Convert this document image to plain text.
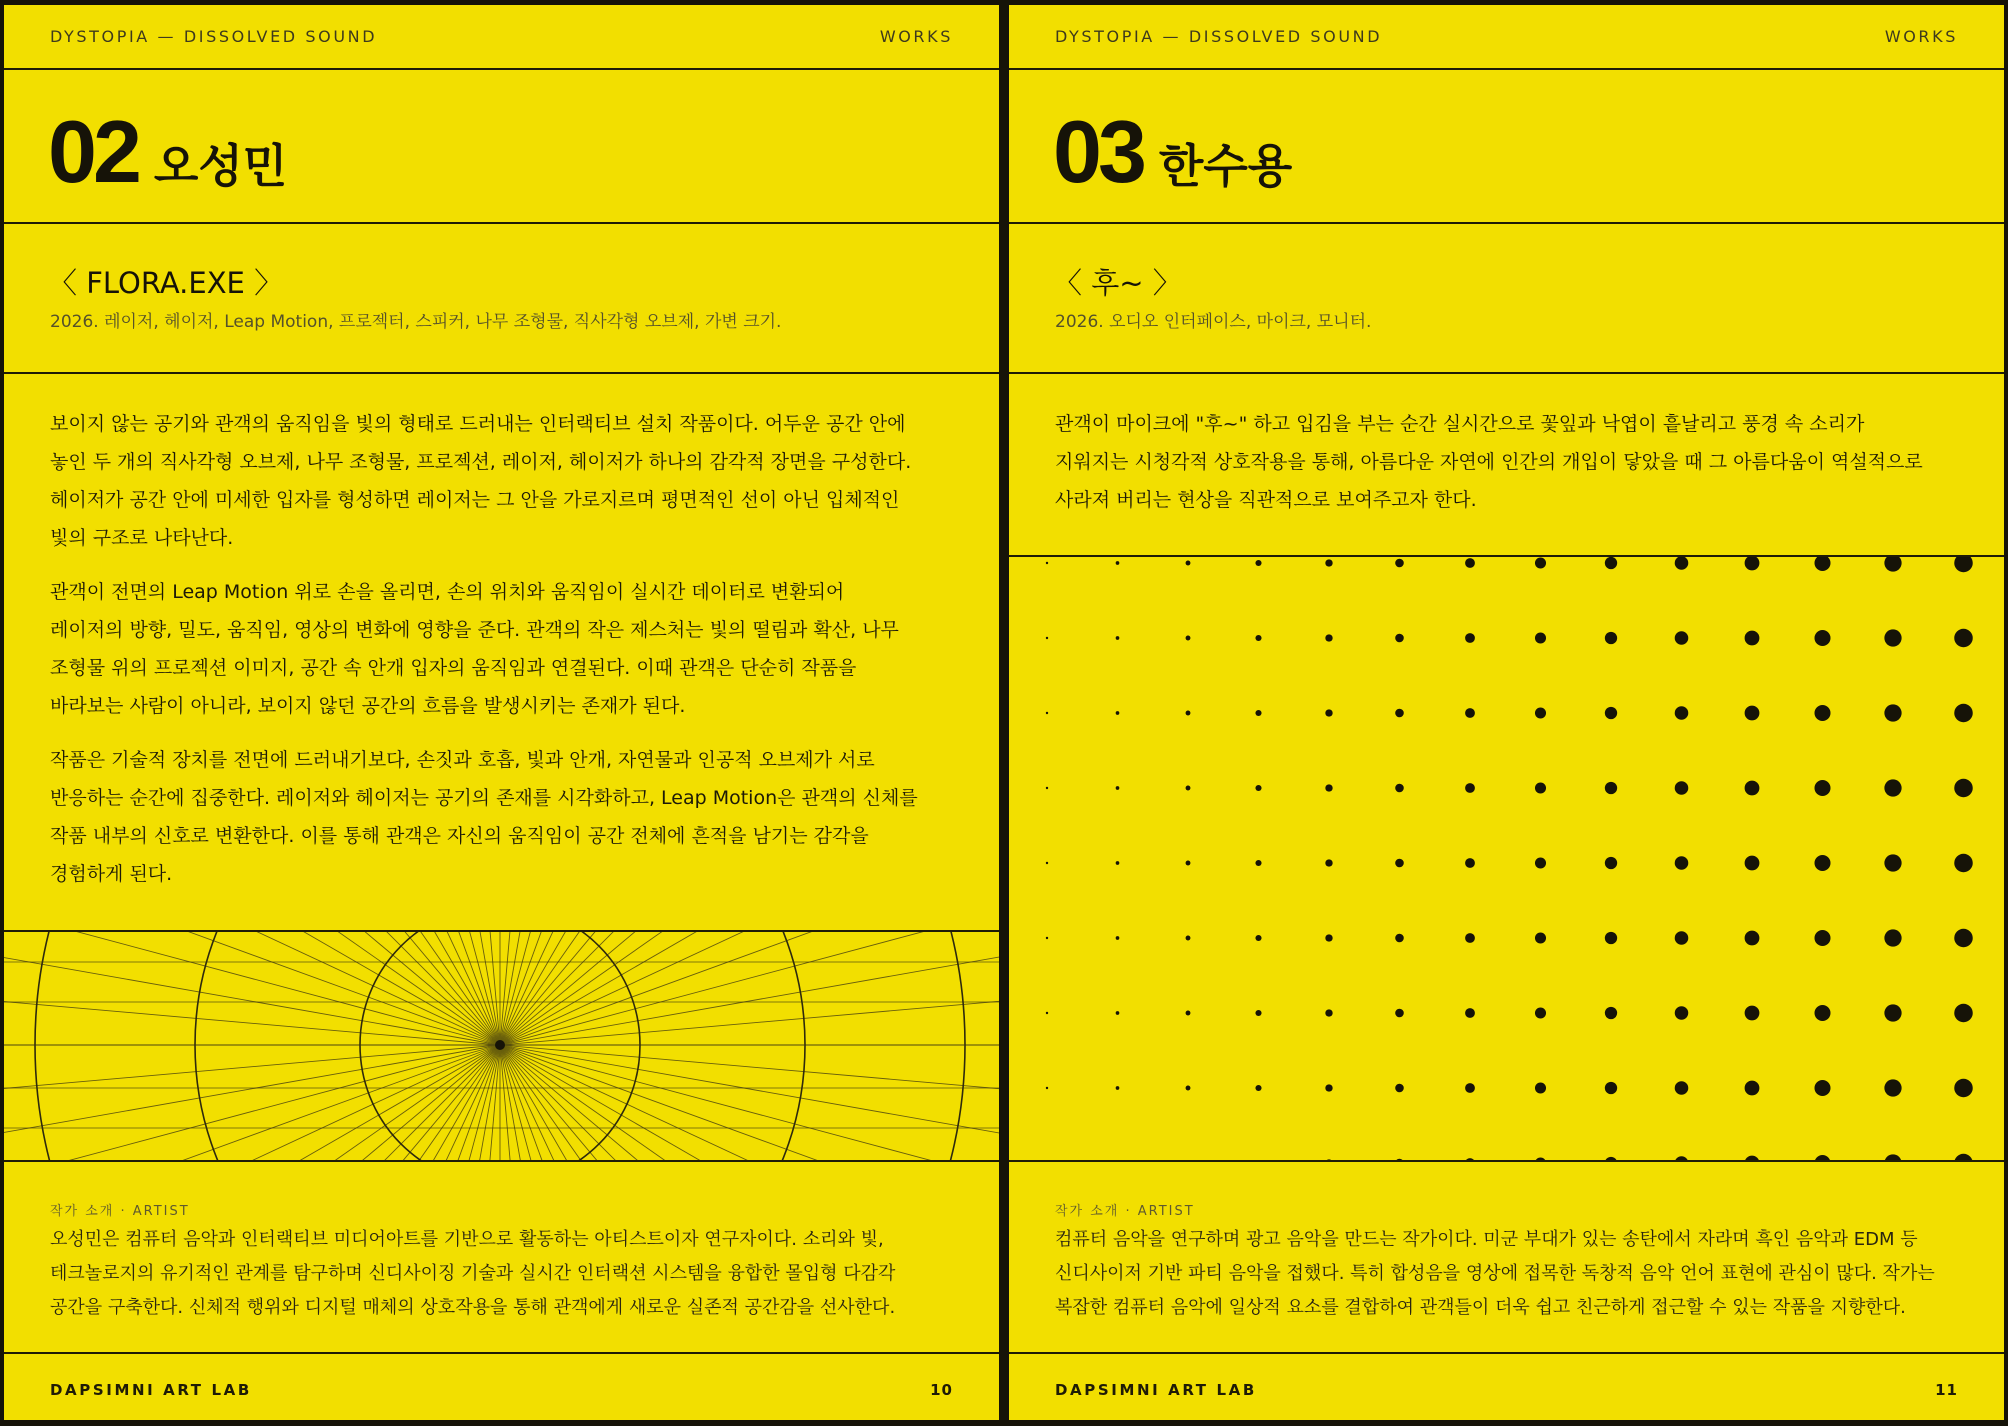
DYSTOPIA — DISSOLVED SOUND	WORKS
02 오성민
〈 FLORA.EXE 〉
2026. 레이저, 헤이저, Leap Motion, 프로젝터, 스피커, 나무 조형물, 직사각형 오브제, 가변 크기.

보이지 않는 공기와 관객의 움직임을 빛의 형태로 드러내는 인터랙티브 설치 작품이다. 어두운 공간 안에
놓인 두 개의 직사각형 오브제, 나무 조형물, 프로젝션, 레이저, 헤이저가 하나의 감각적 장면을 구성한다.
헤이저가 공간 안에 미세한 입자를 형성하면 레이저는 그 안을 가로지르며 평면적인 선이 아닌 입체적인
빛의 구조로 나타난다.

관객이 전면의 Leap Motion 위로 손을 올리면, 손의 위치와 움직임이 실시간 데이터로 변환되어
레이저의 방향, 밀도, 움직임, 영상의 변화에 영향을 준다. 관객의 작은 제스처는 빛의 떨림과 확산, 나무
조형물 위의 프로젝션 이미지, 공간 속 안개 입자의 움직임과 연결된다. 이때 관객은 단순히 작품을
바라보는 사람이 아니라, 보이지 않던 공간의 흐름을 발생시키는 존재가 된다.

작품은 기술적 장치를 전면에 드러내기보다, 손짓과 호흡, 빛과 안개, 자연물과 인공적 오브제가 서로
반응하는 순간에 집중한다. 레이저와 헤이저는 공기의 존재를 시각화하고, Leap Motion은 관객의 신체를
작품 내부의 신호로 변환한다. 이를 통해 관객은 자신의 움직임이 공간 전체에 흔적을 남기는 감각을
경험하게 된다.

작가 소개 · ARTIST
오성민은 컴퓨터 음악과 인터랙티브 미디어아트를 기반으로 활동하는 아티스트이자 연구자이다. 소리와 빛,
테크놀로지의 유기적인 관계를 탐구하며 신디사이징 기술과 실시간 인터랙션 시스템을 융합한 몰입형 다감각
공간을 구축한다. 신체적 행위와 디지털 매체의 상호작용을 통해 관객에게 새로운 실존적 공간감을 선사한다.
DAPSIMNI ART LAB	10
DYSTOPIA — DISSOLVED SOUND	WORKS
03 한수용
〈 후~ 〉
2026. 오디오 인터페이스, 마이크, 모니터.

관객이 마이크에 "후~" 하고 입김을 부는 순간 실시간으로 꽃잎과 낙엽이 흩날리고 풍경 속 소리가
지워지는 시청각적 상호작용을 통해, 아름다운 자연에 인간의 개입이 닿았을 때 그 아름다움이 역설적으로
사라져 버리는 현상을 직관적으로 보여주고자 한다.

작가 소개 · ARTIST
컴퓨터 음악을 연구하며 광고 음악을 만드는 작가이다. 미군 부대가 있는 송탄에서 자라며 흑인 음악과 EDM 등
신디사이저 기반 파티 음악을 접했다. 특히 합성음을 영상에 접목한 독창적 음악 언어 표현에 관심이 많다. 작가는
복잡한 컴퓨터 음악에 일상적 요소를 결합하여 관객들이 더욱 쉽고 친근하게 접근할 수 있는 작품을 지향한다.
DAPSIMNI ART LAB	11
